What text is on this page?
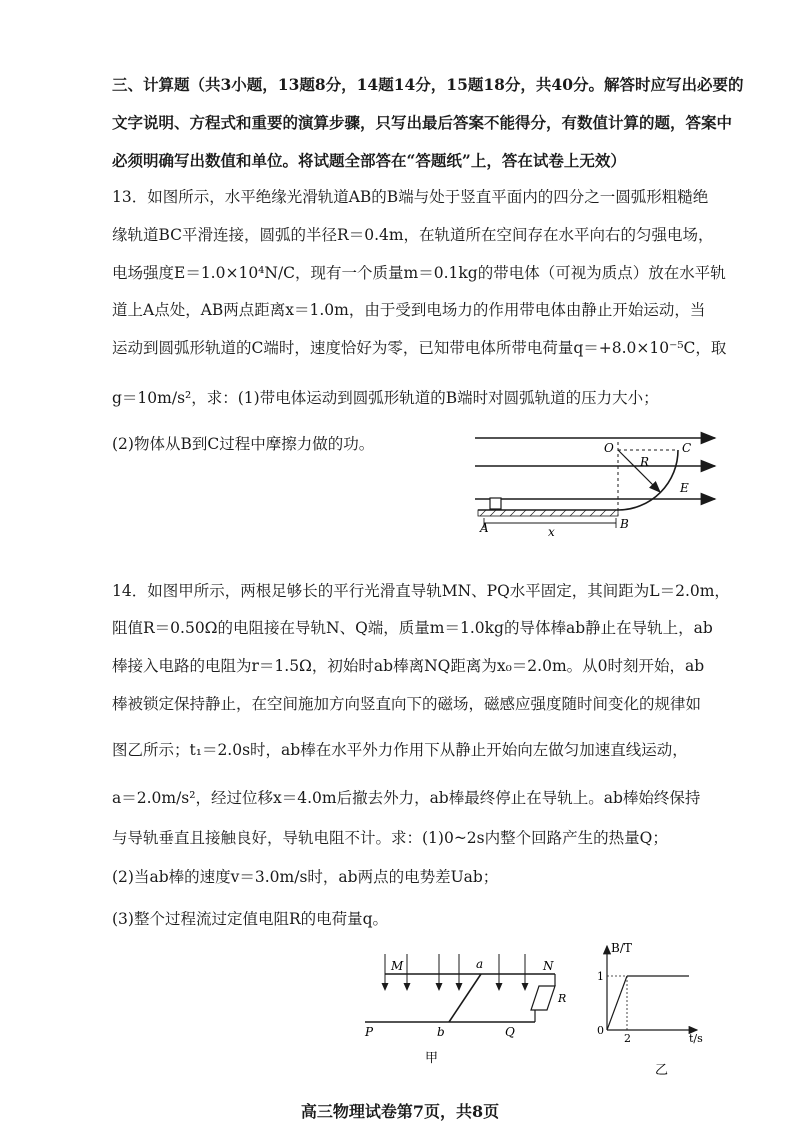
三、计算题（共3小题，13题8分，14题14分，15题18分，共40分。解答时应写出必要的
文字说明、方程式和重要的演算步骤，只写出最后答案不能得分，有数值计算的题，答案中
必须明确写出数值和单位。将试题全部答在“答题纸”上，答在试卷上无效）
13．如图所示，水平绝缘光滑轨道AB的B端与处于竖直平面内的四分之一圆弧形粗糙绝
缘轨道BC平滑连接，圆弧的半径R＝0.4m，在轨道所在空间存在水平向右的匀强电场，
电场强度E＝1.0×10⁴N/C，现有一个质量m＝0.1kg的带电体（可视为质点）放在水平轨
道上A点处，AB两点距离x＝1.0m，由于受到电场力的作用带电体由静止开始运动，当
运动到圆弧形轨道的C端时，速度恰好为零，已知带电体所带电荷量q＝+8.0×10⁻⁵C，取
g＝10m/s²，求：(1)带电体运动到圆弧形轨道的B端时对圆弧轨道的压力大小；
(2)物体从B到C过程中摩擦力做的功。	O
R
C
E
A	B
x
14．如图甲所示，两根足够长的平行光滑直导轨MN、PQ水平固定，其间距为L＝2.0m，
阻值R＝0.50Ω的电阻接在导轨N、Q端，质量m＝1.0kg的导体棒ab静止在导轨上，ab
棒接入电路的电阻为r＝1.5Ω，初始时ab棒离NQ距离为x₀＝2.0m。从0时刻开始，ab
棒被锁定保持静止，在空间施加方向竖直向下的磁场，磁感应强度随时间变化的规律如
图乙所示；t₁＝2.0s时，ab棒在水平外力作用下从静止开始向左做匀加速直线运动，
a＝2.0m/s²，经过位移x＝4.0m后撤去外力，ab棒最终停止在导轨上。ab棒始终保持
与导轨垂直且接触良好，导轨电阻不计。求：(1)0~2s内整个回路产生的热量Q；
(2)当ab棒的速度v＝3.0m/s时，ab两点的电势差Uab；
(3)整个过程流过定值电阻R的电荷量q。
M	N
P	Q
a
b
R
甲
B/T
t/s
1
0
2
乙
高三物理试卷第7页，共8页
